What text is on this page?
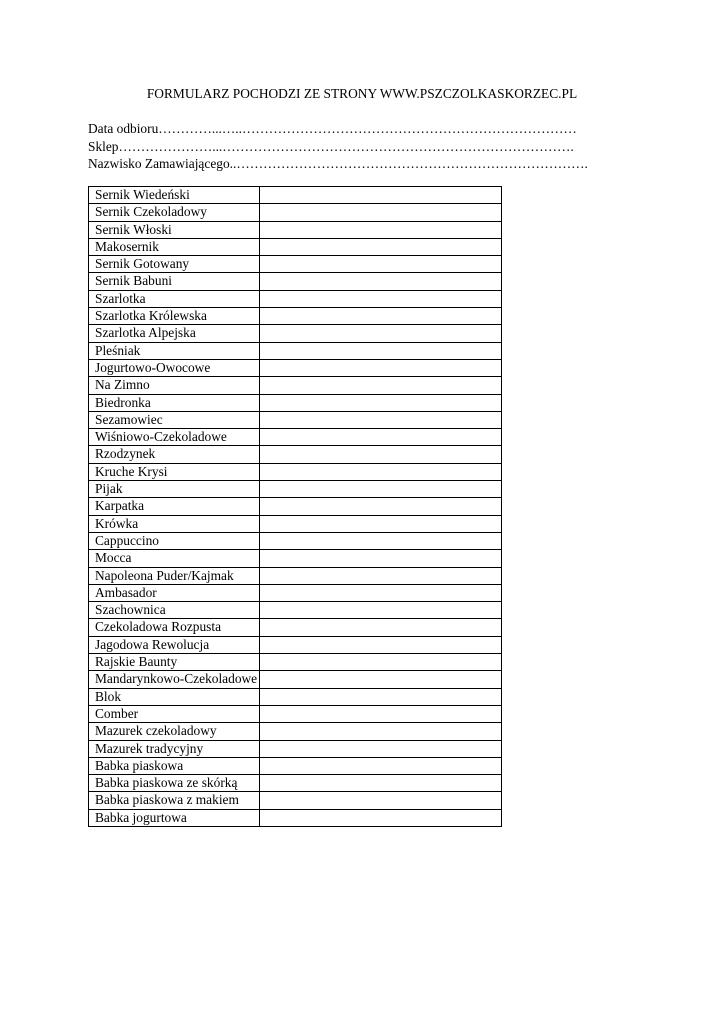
FORMULARZ POCHODZI ZE STRONY WWW.PSZCZOLKASKORZEC.PL
Data odbioru…………...…..…………………………………………………………………
Sklep…………………...…………………………………………………………………….
Nazwisko Zamawiającego..…………………………………………………………………….
Sernik Wiedeński	
Sernik Czekoladowy	
Sernik Włoski	
Makosernik	
Sernik Gotowany	
Sernik Babuni	
Szarlotka	
Szarlotka Królewska	
Szarlotka Alpejska	
Pleśniak	
Jogurtowo-Owocowe	
Na Zimno	
Biedronka	
Sezamowiec	
Wiśniowo-Czekoladowe	
Rzodzynek	
Kruche Krysi	
Pijak	
Karpatka	
Krówka	
Cappuccino	
Mocca	
Napoleona Puder/Kajmak	
Ambasador	
Szachownica	
Czekoladowa Rozpusta	
Jagodowa Rewolucja	
Rajskie Baunty	
Mandarynkowo-Czekoladowe	
Blok	
Comber	
Mazurek czekoladowy	
Mazurek tradycyjny	
Babka piaskowa	
Babka piaskowa ze skórką	
Babka piaskowa z makiem	
Babka jogurtowa	
